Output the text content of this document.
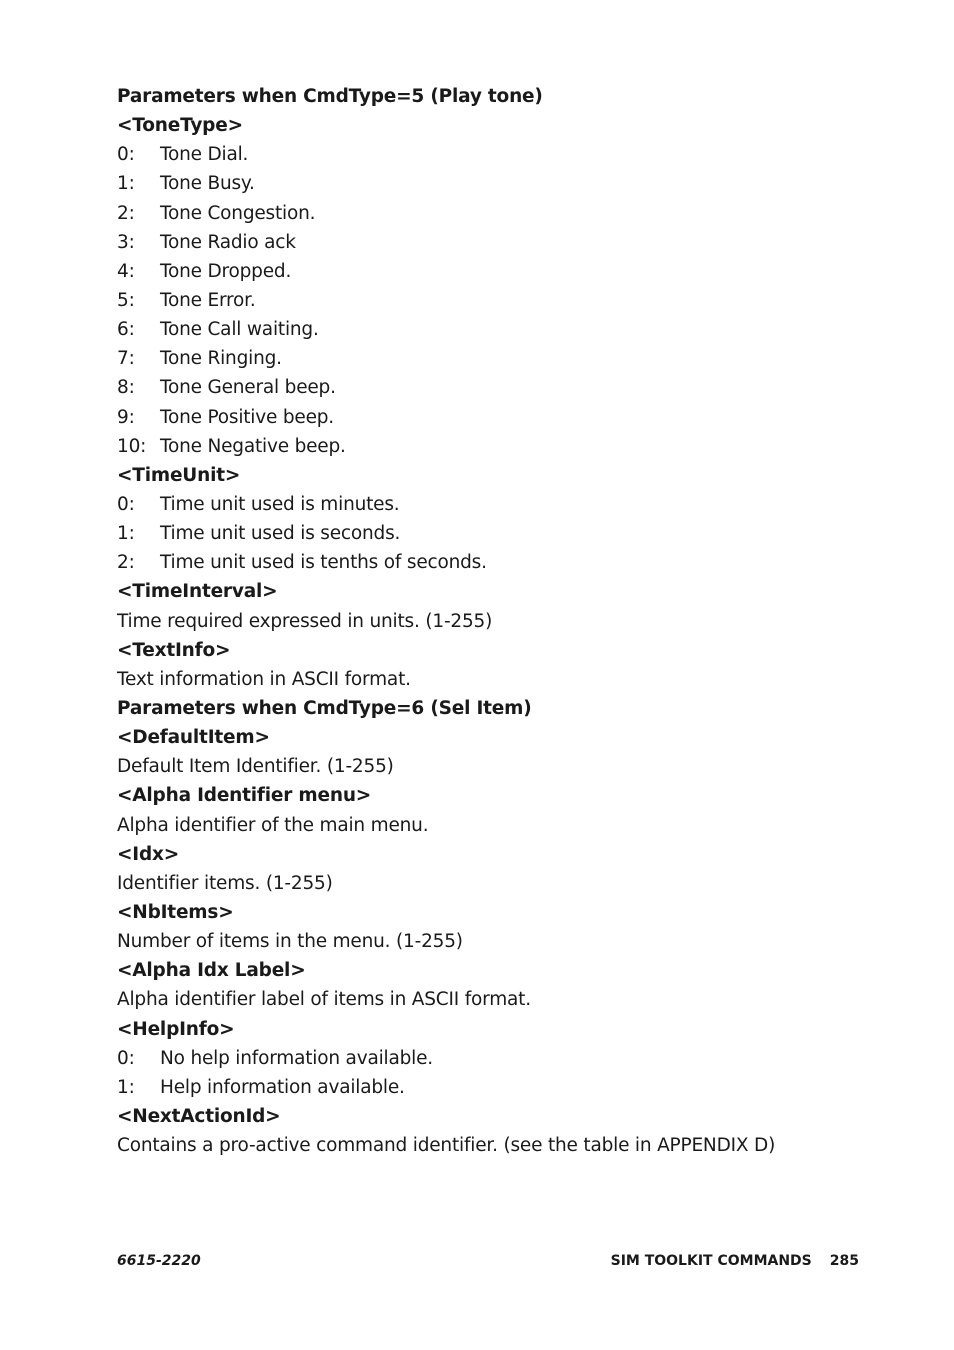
Parameters when CmdType=5 (Play tone)
<ToneType>
0:	Tone Dial.
1:	Tone Busy.
2:	Tone Congestion.
3:	Tone Radio ack
4:	Tone Dropped.
5:	Tone Error.
6:	Tone Call waiting.
7:	Tone Ringing.
8:	Tone General beep.
9:	Tone Positive beep.
10: Tone Negative beep.
<TimeUnit>
0:	Time unit used is minutes.
1:	Time unit used is seconds.
2:	Time unit used is tenths of seconds.
<TimeInterval>
Time required expressed in units. (1-255)
<TextInfo>
Text information in ASCII format.
Parameters when CmdType=6 (Sel Item)
<DefaultItem>
Default Item Identifier. (1-255)
<Alpha Identifier menu>
Alpha identifier of the main menu.
<Idx>
Identifier items. (1-255)
<NbItems>
Number of items in the menu. (1-255)
<Alpha Idx Label>
Alpha identifier label of items in ASCII format.
<HelpInfo>
0:	No help information available.
1:	Help information available.
<NextActionId>
Contains a pro-active command identifier. (see the table in APPENDIX D)
6615-2220	SIM TOOLKIT COMMANDS 285
